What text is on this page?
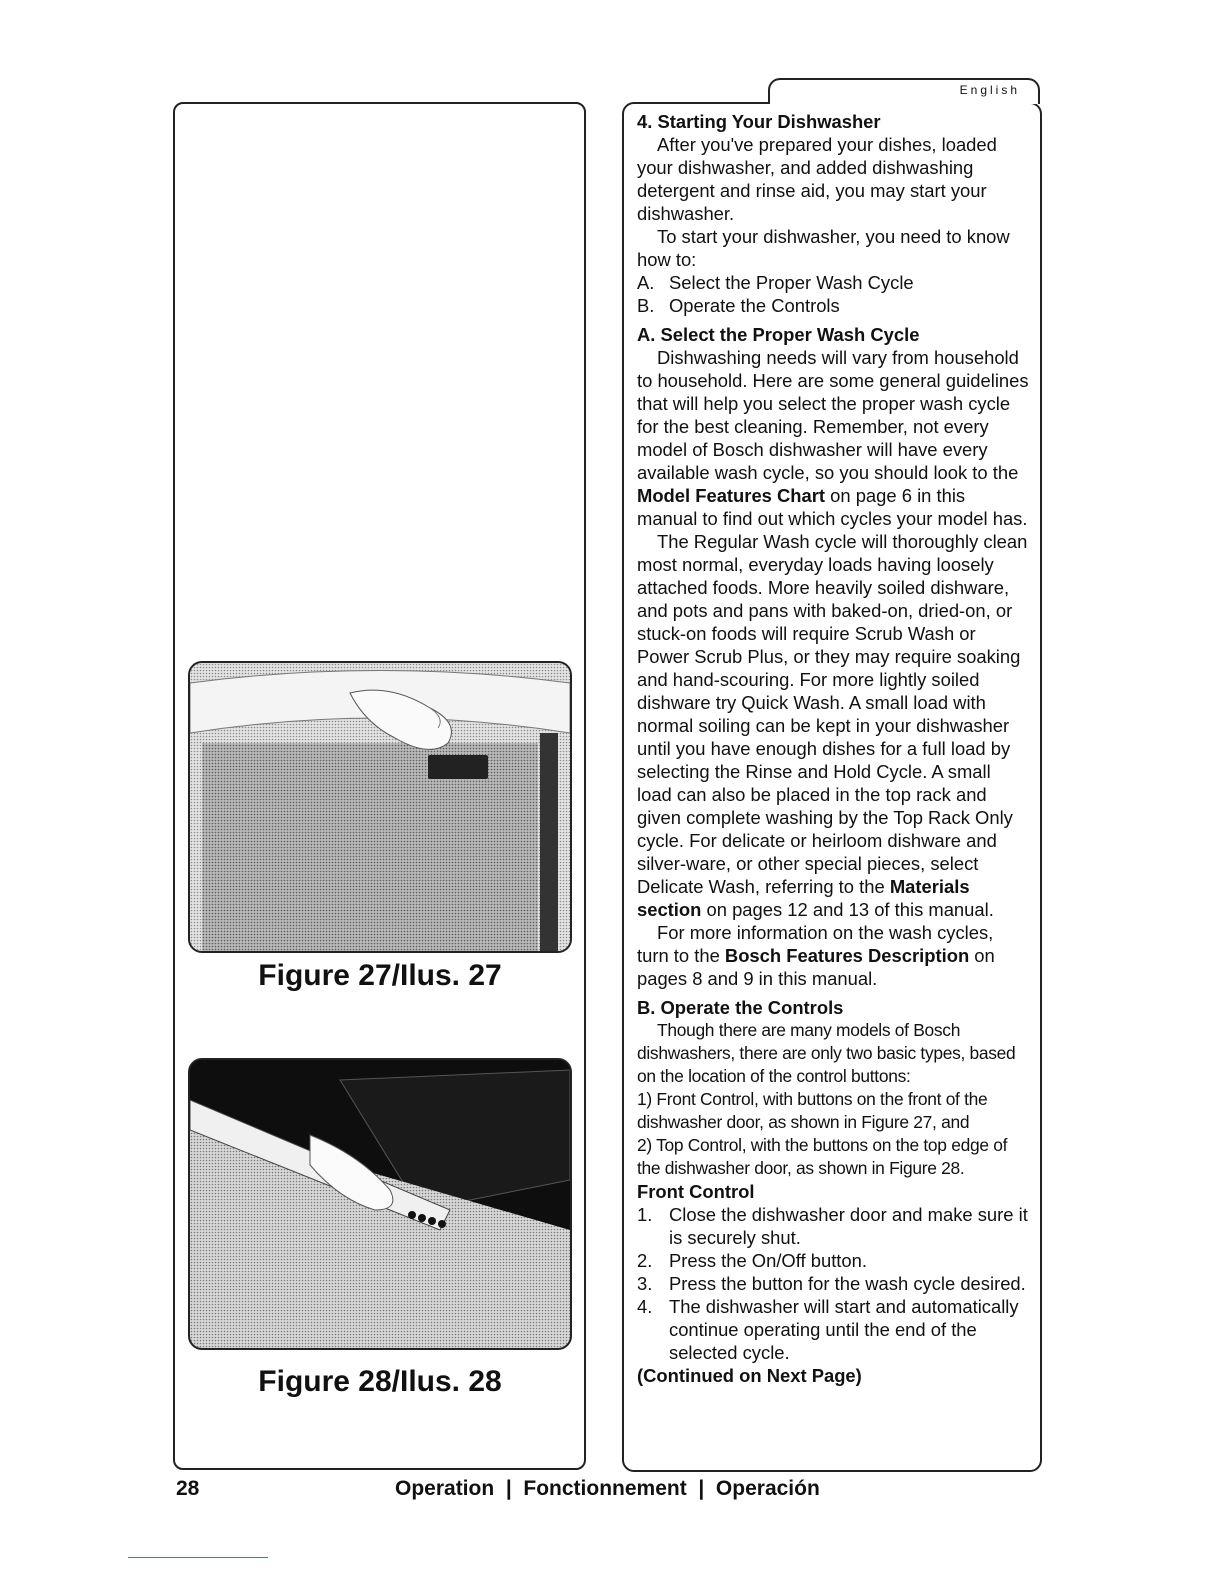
Figure 27/Ilus. 27
Figure 28/Ilus. 28
English

4. Starting Your Dishwasher

After you've prepared your dishes, loaded your dishwasher, and added dishwashing detergent and rinse aid, you may start your dishwasher.

To start your dishwasher, you need to know how to:

A. Select the Proper Wash Cycle
B. Operate the Controls

A. Select the Proper Wash Cycle

Dishwashing needs will vary from household to household. Here are some general guidelines that will help you select the proper wash cycle for the best cleaning. Remember, not every model of Bosch dishwasher will have every available wash cycle, so you should look to the Model Features Chart on page 6 in this manual to find out which cycles your model has.

The Regular Wash cycle will thoroughly clean most normal, everyday loads having loosely attached foods. More heavily soiled dishware, and pots and pans with baked-on, dried-on, or stuck-on foods will require Scrub Wash or Power Scrub Plus, or they may require soaking and hand-scouring. For more lightly soiled dishware try Quick Wash. A small load with normal soiling can be kept in your dishwasher until you have enough dishes for a full load by selecting the Rinse and Hold Cycle. A small load can also be placed in the top rack and given complete washing by the Top Rack Only cycle. For delicate or heirloom dishware and silver-ware, or other special pieces, select Delicate Wash, referring to the Materials section on pages 12 and 13 of this manual.

For more information on the wash cycles, turn to the Bosch Features Description on pages 8 and 9 in this manual.

B. Operate the Controls

Though there are many models of Bosch dishwashers, there are only two basic types, based on the location of the control buttons:

1) Front Control, with buttons on the front of the dishwasher door, as shown in Figure 27, and

2) Top Control, with the buttons on the top edge of the dishwasher door, as shown in Figure 28.

Front Control

1. Close the dishwasher door and make sure it is securely shut.
2. Press the On/Off button.
3. Press the button for the wash cycle desired.
4. The dishwasher will start and automatically continue operating until the end of the selected cycle.

(Continued on Next Page)

28	Operation  |  Fonctionnement  |  Operación
